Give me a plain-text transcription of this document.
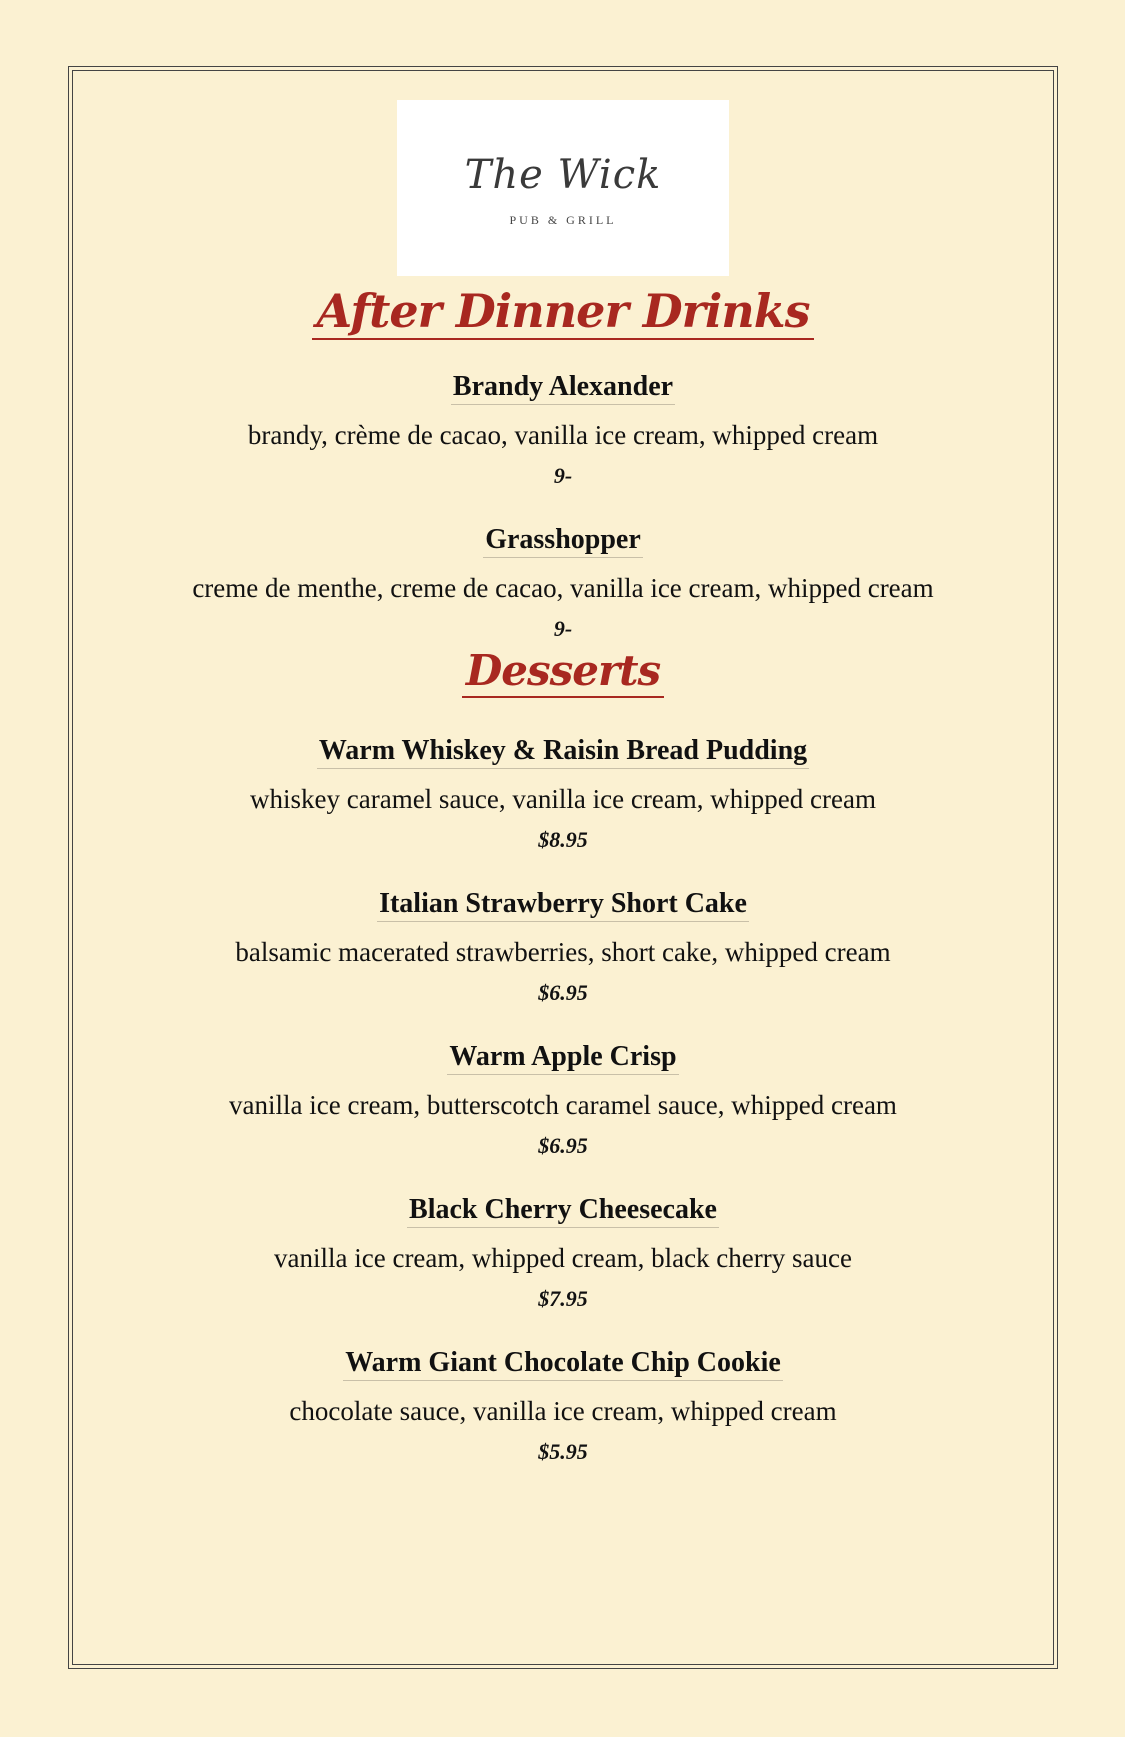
The Wick
PUB & GRILL
After Dinner Drinks
Brandy Alexander
brandy, crème de cacao, vanilla ice cream, whipped cream
9-
Grasshopper
creme de menthe, creme de cacao, vanilla ice cream, whipped cream
9-
Desserts
Warm Whiskey & Raisin Bread Pudding
whiskey caramel sauce, vanilla ice cream, whipped cream
$8.95
Italian Strawberry Short Cake
balsamic macerated strawberries, short cake, whipped cream
$6.95
Warm Apple Crisp
vanilla ice cream, butterscotch caramel sauce, whipped cream
$6.95
Black Cherry Cheesecake
vanilla ice cream, whipped cream, black cherry sauce
$7.95
Warm Giant Chocolate Chip Cookie
chocolate sauce, vanilla ice cream, whipped cream
$5.95
